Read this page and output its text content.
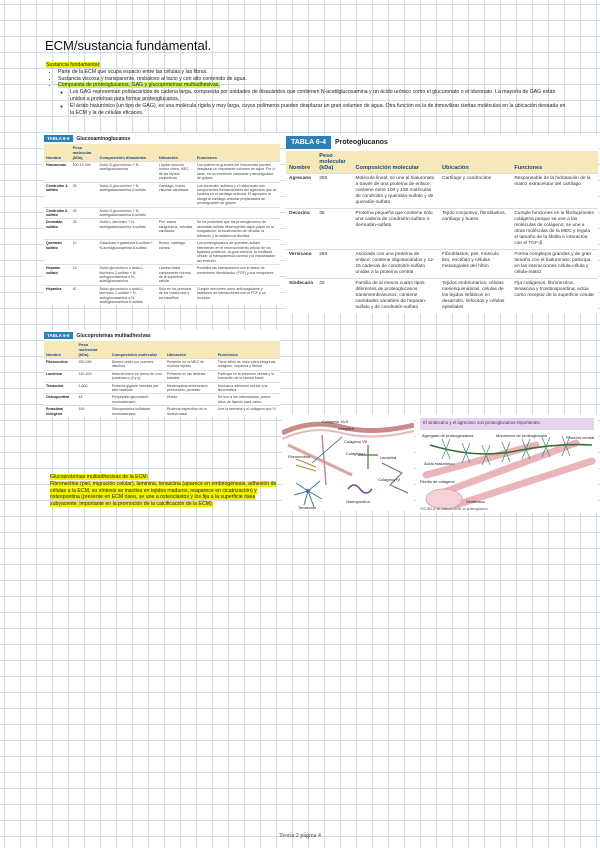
ECM/sustancia fundamental.
Sustancia fundamental:
• Parte de la ECM que ocupa espacio entre las células y las fibras.
• Sustancia viscosa y transparente, resbaloso al tacto y con alto contenido de agua.
• Compuesta de proteoglucanos, GAG y glucoproteínas multiadhesivas.
◦ Los GAG representan polisacáridos de cadena larga, compuesta por unidades de disacáridos que contienen N-acetilglucosamina y un ácido urónico como el glucuronato o el iduronato. La mayoría de GAG están unidos a proteínas para formar proteoglucanos.
◦ El ácido hialurónico (un tipo de GAG), es una molécula rígida y muy larga, cuyos polímeros pueden desplazar un gran volumen de agua. Otra función es la de inmovilizar ciertas moléculas en la ubicación deseada en la ECM y la de células eficaces.
TABLA 6-5	Glucosaminoglucanos
Nombre	Peso molecular (kDa)	Composición disacárida	Ubicación	Funciones
Hialuronato	100-10.000	Ácido D-glucurónico + N-acetilglucosamina	Líquido sinovial, humor vítreo, MEC de los tejidos conjuntivos	Los polímeros grandes del hialuronato pueden desplazar un importante volumen de agua. Por lo tanto, es un excelente lubricante y amortiguador de golpes
Condroitín 4-sulfato	25	Ácido D-glucurónico + N-acetilgalactosamina 4-sulfato	Cartílago, hueso, válvulas cardíacas	Los condroitín-sulfatos y el hialuronato son componentes fundamentales del agrecano que se localiza en el cartílago articular. El agrecano le otorga al cartílago articular propiedades de amortiguación de golpes
Condroitín 6-sulfato	25	Ácido D-glucurónico + N-acetilgalactosamina 6-sulfato		
Dermatán sulfato	35	Ácido L-idurónico + N-acetilgalactosamina 4-sulfato	Piel, vasos sanguíneos, válvulas cardíacas	Se ha postulado que los proteoglucanos de dermatán-sulfato desempeñan algún papel en la coagulación, la cicatrización de heridas, la infección y la resistencia fibrótica
Queratán sulfato	10	Galactosa o galactosa 6-sulfato + N-acetilglucosamina 6-sulfato	Hueso, cartílago, córnea	Los proteoglucanos de queratán-sulfato intervienen en el reconocimiento celular de los ligandos proteicos, la guía axónica, la motilidad celular, la transparencia corneal y la implantación del embrión
Heparán sulfato	15	Ácido glucurónico o ácido L-idurónico 2-sulfato + N-sulfoglucosamina o N-acetilglucosamina	Lámina basal, componente normal de la superficie celular	Posibilita las interacciones con el factor de crecimiento fibroblástico (FGF) y sus receptores
Heparina	40	Ácido glucurónico o ácido L-idurónico 2-sulfato + N-sulfoglucosamina o N-acetilglucosamina 6-sulfato	Sólo en los gránulos de los mastocitos y los basófilos	Cumple funciones como anticoagulante y facilitador de interacciones con el FGF y su receptor
TABLA 6-6	Glucoproteínas multiadhesivas
Nombre	Peso molecular (kDa)	Composición molecular	Ubicación	Funciones
Fibronectina	250-280	Dímero unido por puentes disulfuro	Presente en la MEC de muchos tejidos	Tiene sitios de unión para integrinas, colágeno, heparina y fibrina
Laminina	140-400	Heterotrímero en forma de cruz (cadenas α, β y γ)	Presente en las láminas basales	Participa en la adhesión celular y la formación de la lámina basal
Tenascina	1.800	Proteína gigante formada por seis cadenas	Mesénquima embrionario, pericondrio, periostio	Modula la adhesión celular a la fibronectina
Osteopontina	44	Polipéptido glucosilado monocatenario	Hueso	Se une a los osteoclastos, posee sitios de fijación para calcio
Entactina/ nidógeno	150	Glucoproteína sulfatada monocatenaria	Proteína específica de la lámina basal	Une la laminina y el colágeno tipo IV
TABLA 6-4	Proteoglucanos
Nombre	Peso molecular (kDa)	Composición molecular	Ubicación	Funciones
Agrecano	250	Molécula lineal; se une al hialuronato a través de una proteína de enlace; contiene entre 100 y 150 moléculas de condroitín y queratán-sulfato y de queratán-sulfato	Cartílago y condrocitos	Responsable de la hidratación de la matriz extracelular del cartílago
Decorina	38	Proteína pequeña que contiene sólo una cadena de condroitín-sulfato o dermatán-sulfato	Tejido conjuntivo, fibroblastos, cartílago y hueso	Cumple funciones en la fibrilogénesis colágena porque se une a las moléculas de colágeno; se une a otras moléculas de la MEC y regula el tamaño de la fibrilla e interactúa con el TGF-β
Versicano	260	Asociado con una proteína de enlace; contiene oligosacáridos y 12-15 cadenas de condroitín-sulfato unidas a la proteína central	Fibroblastos, piel, músculo liso, encéfalo y células mesangiales del riñón	Forma complejos grandes y de gran tamaño con el hialuronato; participa en las interacciones célula-célula y célula-matriz
Sindecano	33	Familia de al menos cuatro tipos diferentes de proteoglucanos transmembranosos; contiene cantidades variables de heparán-sulfato y de condroitín-sulfato	Tejidos embrionarios, células mesenquimáticas, células de los tejidos linfáticos en desarrollo, linfocitos y células epiteliales	Fija colágenos, fibronectina, tenascina y trombospondina; actúa como receptor de la superficie celular
Colágeno XVII
Integrina
Colágeno VII
Colágeno I
Fibronectina	Laminina
Colágeno IV
Tenascina
Osteopontina
El sindecano y el agrecano son proteoglucanos importantes.
Agregado de proteoglucanos	Monómero de proteoglucano	Proteína central
Ácido hialurónico
Fibrilla de colágeno
Sindecano
FIGURA 6-16. Estructura de un proteoglucano.
Glucoproteínas multiadhesivas de la ECM:
Fibronectina (piel, migración celular), laminina, tenascina (aparece en embriogénesis, adhesión de células a la ECM, su síntesis se inactiva en tejidos maduros, reaparece en cicatrización) y osteopontina (presente en ECM ósea, se une a osteoclastos y los fija a la superficie ósea subyacente, importante en la promoción de la calcificación de la ECM).
Teoría 2 página 4
